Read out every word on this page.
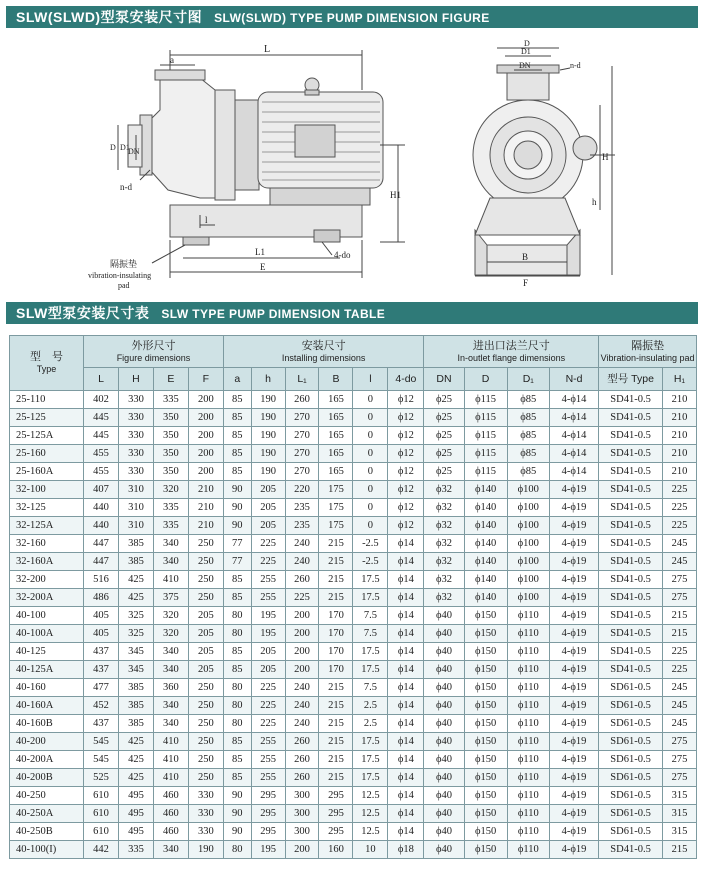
SLW(SLWD)型泵安装尺寸图 SLW(SLWD) TYPE PUMP DIMENSION FIGURE
L
a
D D1
DN
n-d
l
L1
E
4-do
H1
隔振垫
vibration-insulating
pad
D
D1
DN	n-d
H
h
B
F
SLW型泵安装尺寸表 SLW TYPE PUMP DIMENSION TABLE
型　号
Type	外形尺寸
Figure dimensions				安装尺寸
Installing dimensions						进出口法兰尺寸
In-outlet flange dimensions				隔振垫
Vibration-insulating pad	

	L	H	E	F	a	h	L₁	B	l	4-do	DN	D	D₁	N-d	型号 Type	H₁
25-110	402	330	335	200	85	190	260	165	0	ϕ12	ϕ25	ϕ115	ϕ85	4-ϕ14	SD41-0.5	210
25-125	445	330	350	200	85	190	270	165	0	ϕ12	ϕ25	ϕ115	ϕ85	4-ϕ14	SD41-0.5	210
25-125A	445	330	350	200	85	190	270	165	0	ϕ12	ϕ25	ϕ115	ϕ85	4-ϕ14	SD41-0.5	210
25-160	455	330	350	200	85	190	270	165	0	ϕ12	ϕ25	ϕ115	ϕ85	4-ϕ14	SD41-0.5	210
25-160A	455	330	350	200	85	190	270	165	0	ϕ12	ϕ25	ϕ115	ϕ85	4-ϕ14	SD41-0.5	210
32-100	407	310	320	210	90	205	220	175	0	ϕ12	ϕ32	ϕ140	ϕ100	4-ϕ19	SD41-0.5	225
32-125	440	310	335	210	90	205	235	175	0	ϕ12	ϕ32	ϕ140	ϕ100	4-ϕ19	SD41-0.5	225
32-125A	440	310	335	210	90	205	235	175	0	ϕ12	ϕ32	ϕ140	ϕ100	4-ϕ19	SD41-0.5	225
32-160	447	385	340	250	77	225	240	215	-2.5	ϕ14	ϕ32	ϕ140	ϕ100	4-ϕ19	SD41-0.5	245
32-160A	447	385	340	250	77	225	240	215	-2.5	ϕ14	ϕ32	ϕ140	ϕ100	4-ϕ19	SD41-0.5	245
32-200	516	425	410	250	85	255	260	215	17.5	ϕ14	ϕ32	ϕ140	ϕ100	4-ϕ19	SD41-0.5	275
32-200A	486	425	375	250	85	255	225	215	17.5	ϕ14	ϕ32	ϕ140	ϕ100	4-ϕ19	SD41-0.5	275
40-100	405	325	320	205	80	195	200	170	7.5	ϕ14	ϕ40	ϕ150	ϕ110	4-ϕ19	SD41-0.5	215
40-100A	405	325	320	205	80	195	200	170	7.5	ϕ14	ϕ40	ϕ150	ϕ110	4-ϕ19	SD41-0.5	215
40-125	437	345	340	205	85	205	200	170	17.5	ϕ14	ϕ40	ϕ150	ϕ110	4-ϕ19	SD41-0.5	225
40-125A	437	345	340	205	85	205	200	170	17.5	ϕ14	ϕ40	ϕ150	ϕ110	4-ϕ19	SD41-0.5	225
40-160	477	385	360	250	80	225	240	215	7.5	ϕ14	ϕ40	ϕ150	ϕ110	4-ϕ19	SD61-0.5	245
40-160A	452	385	340	250	80	225	240	215	2.5	ϕ14	ϕ40	ϕ150	ϕ110	4-ϕ19	SD61-0.5	245
40-160B	437	385	340	250	80	225	240	215	2.5	ϕ14	ϕ40	ϕ150	ϕ110	4-ϕ19	SD61-0.5	245
40-200	545	425	410	250	85	255	260	215	17.5	ϕ14	ϕ40	ϕ150	ϕ110	4-ϕ19	SD61-0.5	275
40-200A	545	425	410	250	85	255	260	215	17.5	ϕ14	ϕ40	ϕ150	ϕ110	4-ϕ19	SD61-0.5	275
40-200B	525	425	410	250	85	255	260	215	17.5	ϕ14	ϕ40	ϕ150	ϕ110	4-ϕ19	SD61-0.5	275
40-250	610	495	460	330	90	295	300	295	12.5	ϕ14	ϕ40	ϕ150	ϕ110	4-ϕ19	SD61-0.5	315
40-250A	610	495	460	330	90	295	300	295	12.5	ϕ14	ϕ40	ϕ150	ϕ110	4-ϕ19	SD61-0.5	315
40-250B	610	495	460	330	90	295	300	295	12.5	ϕ14	ϕ40	ϕ150	ϕ110	4-ϕ19	SD61-0.5	315
40-100(I)	442	335	340	190	80	195	200	160	10	ϕ18	ϕ40	ϕ150	ϕ110	4-ϕ19	SD41-0.5	215
